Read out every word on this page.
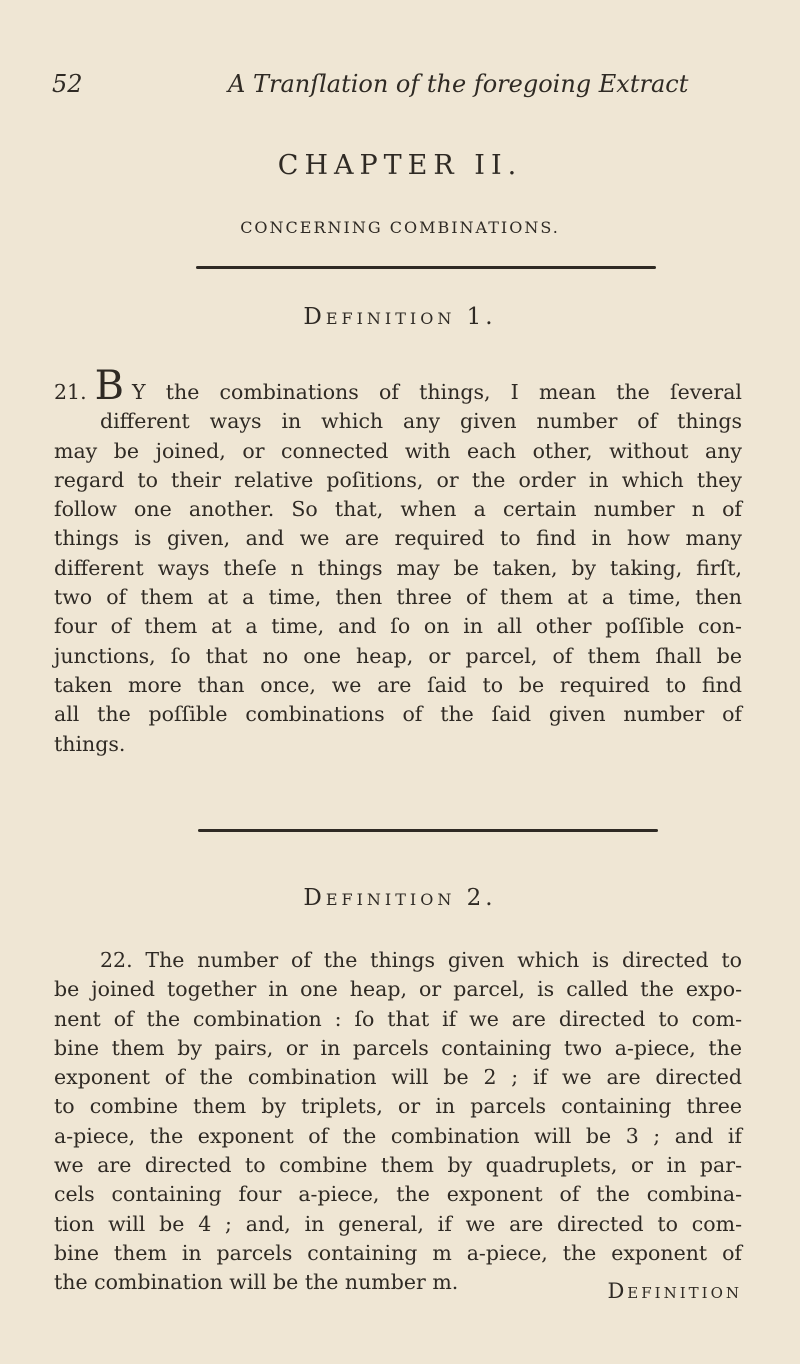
52	A Tranſlation of the foregoing Extract
CHAPTER II.
CONCERNING COMBINATIONS.
Definition 1.
21. B Y the combinations of things, I mean the ſeveral
different ways in which any given number of things
may be joined, or connected with each other, without any
regard to their relative poſitions, or the order in which they
follow one another. So that, when a certain number n of
things is given, and we are required to find in how many
different ways theſe n things may be taken, by taking, firſt,
two of them at a time, then three of them at a time, then
four of them at a time, and ſo on in all other poſſible con-
junctions, ſo that no one heap, or parcel, of them ſhall be
taken more than once, we are ſaid to be required to find
all the poſſible combinations of the ſaid given number of
things.
Definition 2.
22. The number of the things given which is directed to
be joined together in one heap, or parcel, is called the expo-
nent of the combination : ſo that if we are directed to com-
bine them by pairs, or in parcels containing two a-piece, the
exponent of the combination will be 2 ; if we are directed
to combine them by triplets, or in parcels containing three
a-piece, the exponent of the combination will be 3 ; and if
we are directed to combine them by quadruplets, or in par-
cels containing four a-piece, the exponent of the combina-
tion will be 4 ; and, in general, if we are directed to com-
bine them in parcels containing m a-piece, the exponent of
the combination will be the number m.	Definition
